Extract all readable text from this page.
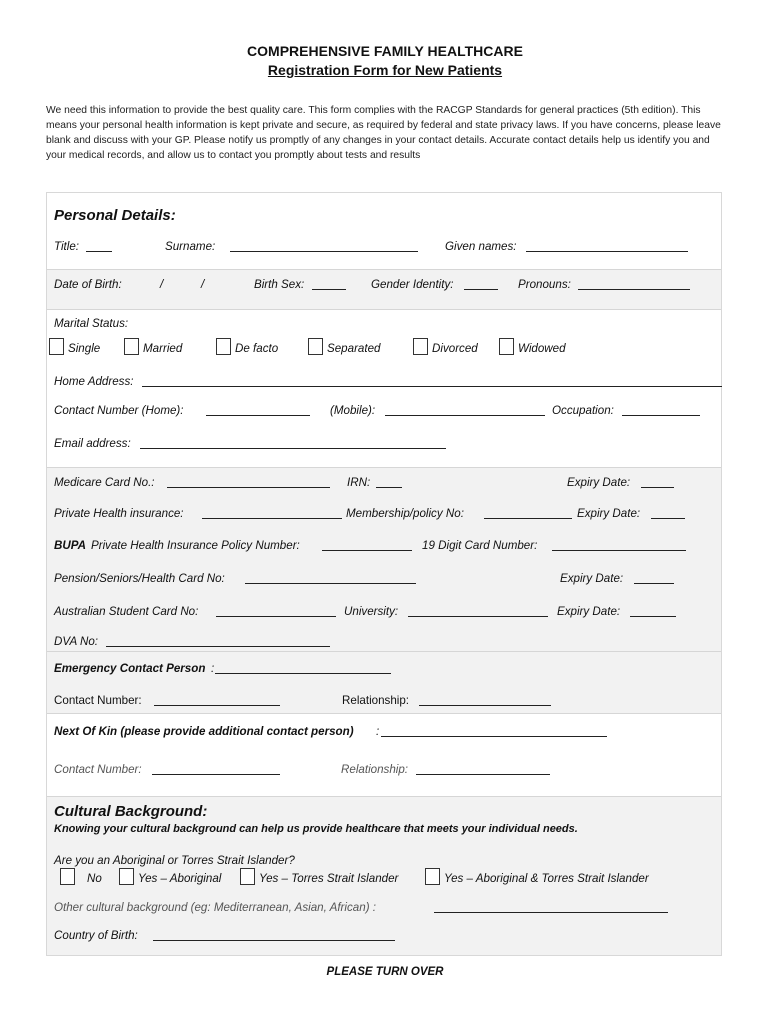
COMPREHENSIVE FAMILY HEALTHCARE
Registration Form for New Patients
We need this information to provide the best quality care. This form complies with the RACGP Standards for general practices (5th edition). This means your personal health information is kept private and secure, as required by federal and state privacy laws. If you have concerns, please leave blank and discuss with your GP. Please notify us promptly of any changes in your contact details. Accurate contact details help us identify you and your medical records, and allow us to contact you promptly about tests and results
Personal Details:
Title:	Surname:	Given names:
Date of Birth:	/	/	Birth Sex:	Gender Identity:	Pronouns:
Marital Status:
Single	Married	De facto	Separated	Divorced	Widowed
Home Address:
Contact Number (Home):	(Mobile):	Occupation:
Email address:
Medicare Card No.:	IRN:	Expiry Date:
Private Health insurance:	Membership/policy No:	Expiry Date:
BUPA Private Health Insurance Policy Number:	19 Digit Card Number:
Pension/Seniors/Health Card No:	Expiry Date:
Australian Student Card No:	University:	Expiry Date:
DVA No:
Emergency Contact Person :
Contact Number:	Relationship:
Next Of Kin (please provide additional contact person) :
Contact Number:	Relationship:
Cultural Background:
Knowing your cultural background can help us provide healthcare that meets your individual needs.
Are you an Aboriginal or Torres Strait Islander?
No	Yes – Aboriginal	Yes – Torres Strait Islander	Yes – Aboriginal & Torres Strait Islander
Other cultural background (eg: Mediterranean, Asian, African) :
Country of Birth:
PLEASE TURN OVER
